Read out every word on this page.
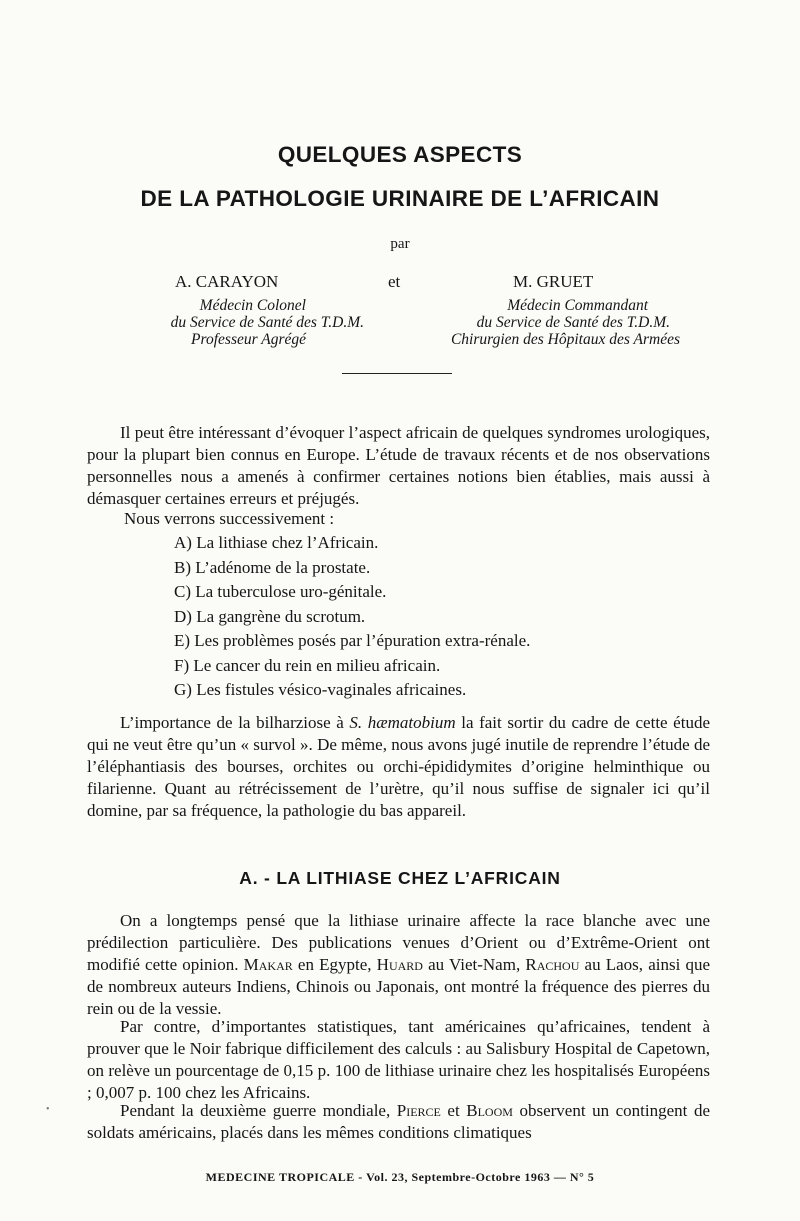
QUELQUES ASPECTS
DE LA PATHOLOGIE URINAIRE DE L’AFRICAIN
par
A. CARAYON	et	M. GRUET
Médecin Colonel
du Service de Santé des T.D.M.
Professeur Agrégé
Médecin Commandant
du Service de Santé des T.D.M.
Chirurgien des Hôpitaux des Armées

Il peut être intéressant d’évoquer l’aspect africain de quelques syndromes urologiques, pour la plupart bien connus en Europe. L’étude de travaux récents et de nos observations personnelles nous a amenés à confirmer certaines notions bien établies, mais aussi à démasquer certaines erreurs et préjugés.

Nous verrons successivement :

A) La lithiase chez l’Africain.
B) L’adénome de la prostate.
C) La tuberculose uro-génitale.
D) La gangrène du scrotum.
E) Les problèmes posés par l’épuration extra-rénale.
F) Le cancer du rein en milieu africain.
G) Les fistules vésico-vaginales africaines.

L’importance de la bilharziose à S. hæmatobium la fait sortir du cadre de cette étude qui ne veut être qu’un « survol ». De même, nous avons jugé inutile de reprendre l’étude de l’éléphantiasis des bourses, orchites ou orchi-épididymites d’origine helminthique ou filarienne. Quant au rétrécissement de l’urètre, qu’il nous suffise de signaler ici qu’il domine, par sa fréquence, la pathologie du bas appareil.

A. - LA LITHIASE CHEZ L’AFRICAIN

On a longtemps pensé que la lithiase urinaire affecte la race blanche avec une prédilection particulière. Des publications venues d’Orient ou d’Extrême-Orient ont modifié cette opinion. Makar en Egypte, Huard au Viet-Nam, Rachou au Laos, ainsi que de nombreux auteurs Indiens, Chinois ou Japonais, ont montré la fréquence des pierres du rein ou de la vessie.

Par contre, d’importantes statistiques, tant américaines qu’africaines, tendent à prouver que le Noir fabrique difficilement des calculs : au Salisbury Hospital de Capetown, on relève un pourcentage de 0,15 p. 100 de lithiase urinaire chez les hospitalisés Européens ; 0,007 p. 100 chez les Africains.

Pendant la deuxième guerre mondiale, Pierce et Bloom observent un contingent de soldats américains, placés dans les mêmes conditions climatiques

•
MEDECINE TROPICALE - Vol. 23, Septembre-Octobre 1963 — N° 5
